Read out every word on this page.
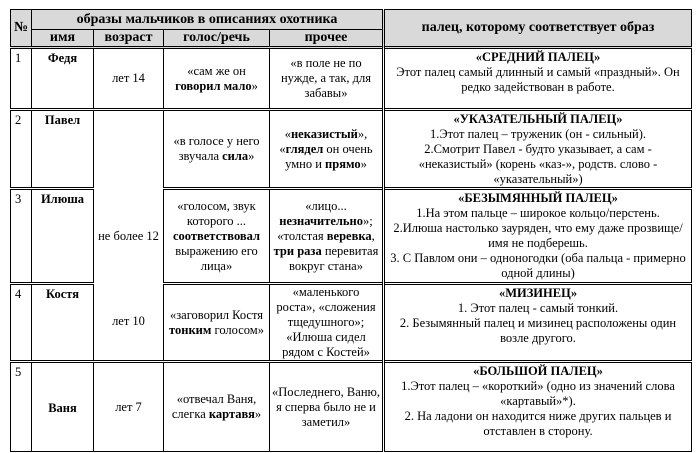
№	образы мальчиков в описаниях охотника				палец, которому соответствует образ
	имя	возраст	голос/речь	прочее	
1	Федя	лет 14	«сам же он говорил мало»	«в поле не по нужде, а так, для забавы»	«СРЕДНИЙ ПАЛЕЦ»
Этот палец самый длинный и самый «праздный». Он редко задействован в работе.
2	Павел		«в голосе у него звучала сила»	«неказистый», «глядел он очень умно и прямо»	«УКАЗАТЕЛЬНЫЙ ПАЛЕЦ»
1.Этот палец – труженик (он - сильный).
2.Смотрит Павел - будто указывает, а сам - «неказистый» (корень «каз-», родств. слово - «указательный»)
3	Илюша	не более 12	«голосом, звук которого ... соответствовал выражению его лица»	«лицо... незначительно»; «толстая веревка, три раза перевитая вокруг стана»	«БЕЗЫМЯННЫЙ ПАЛЕЦ»
1.На этом пальце – широкое кольцо/перстень.
2.Илюша настолько зауряден, что ему даже прозвище/имя не подберешь.
3. С Павлом они – одноногодки (оба пальца - примерно одной длины)
4	Костя	лет 10	«заговорил Костя тонким голосом»	«маленького роста», «сложения тщедушного»; «Илюша сидел рядом с Костей»	«МИЗИНЕЦ»
1. Этот палец - самый тонкий.
2. Безымянный палец и мизинец расположены один возле другого.
5	Ваня	лет 7	«отвечал Ваня, слегка картавя»	«Последнего, Ваню, я сперва было не и заметил»	«БОЛЬШОЙ ПАЛЕЦ»
1.Этот палец – «короткий» (одно из значений слова «картавый»*).
2. На ладони он находится ниже других пальцев и отставлен в сторону.
